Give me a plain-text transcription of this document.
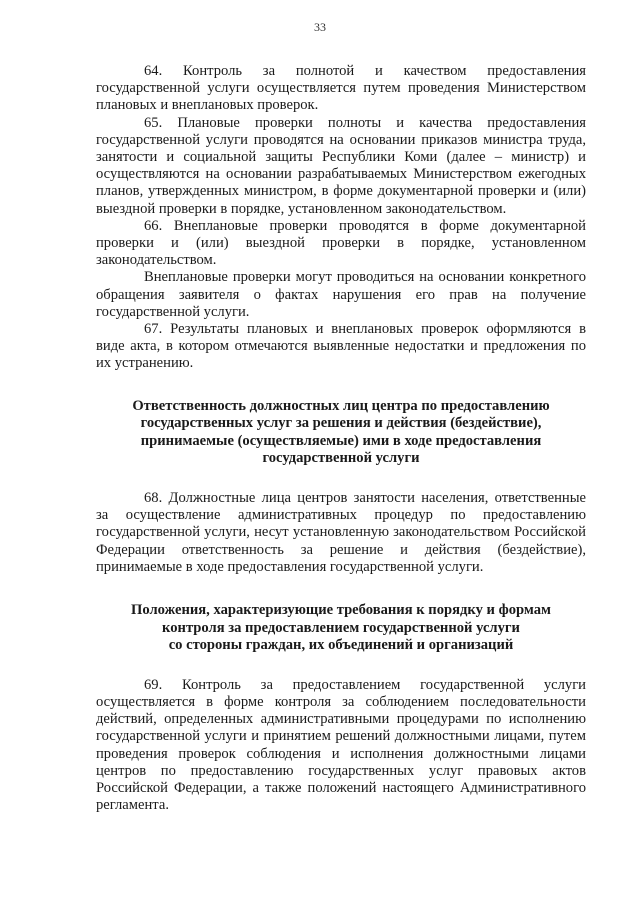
33

64. Контроль за полнотой и качеством предоставления государственной услуги осуществляется путем проведения Министерством плановых и внеплановых проверок.

65. Плановые проверки полноты и качества предоставления государственной услуги проводятся на основании приказов министра труда, занятости и социальной защиты Республики Коми (далее – министр) и осуществляются на основании разрабатываемых Министерством ежегодных планов, утвержденных министром, в форме документарной проверки и (или) выездной проверки в порядке, установленном законодательством.

66. Внеплановые проверки проводятся в форме документарной проверки и (или) выездной проверки в порядке, установленном законодательством.

Внеплановые проверки могут проводиться на основании конкретного обращения заявителя о фактах нарушения его прав на получение государственной услуги.

67. Результаты плановых и внеплановых проверок оформляются в виде акта, в котором отмечаются выявленные недостатки и предложения по их устранению.

Ответственность должностных лиц центра по предоставлению

государственных услуг за решения и действия (бездействие),

принимаемые (осуществляемые) ими в ходе предоставления

государственной услуги

68. Должностные лица центров занятости населения, ответственные за осуществление административных процедур по предоставлению государственной услуги, несут установленную законодательством Российской Федерации ответственность за решение и действия (бездействие), принимаемые в ходе предоставления государственной услуги.

Положения, характеризующие требования к порядку и формам

контроля за предоставлением государственной услуги

со стороны граждан, их объединений и организаций

69. Контроль за предоставлением государственной услуги осуществляется в форме контроля за соблюдением последовательности действий, определенных административными процедурами по исполнению государственной услуги и принятием решений должностными лицами, путем проведения проверок соблюдения и исполнения должностными лицами центров по предоставлению государственных услуг правовых актов Российской Федерации, а также положений настоящего Административного регламента.
